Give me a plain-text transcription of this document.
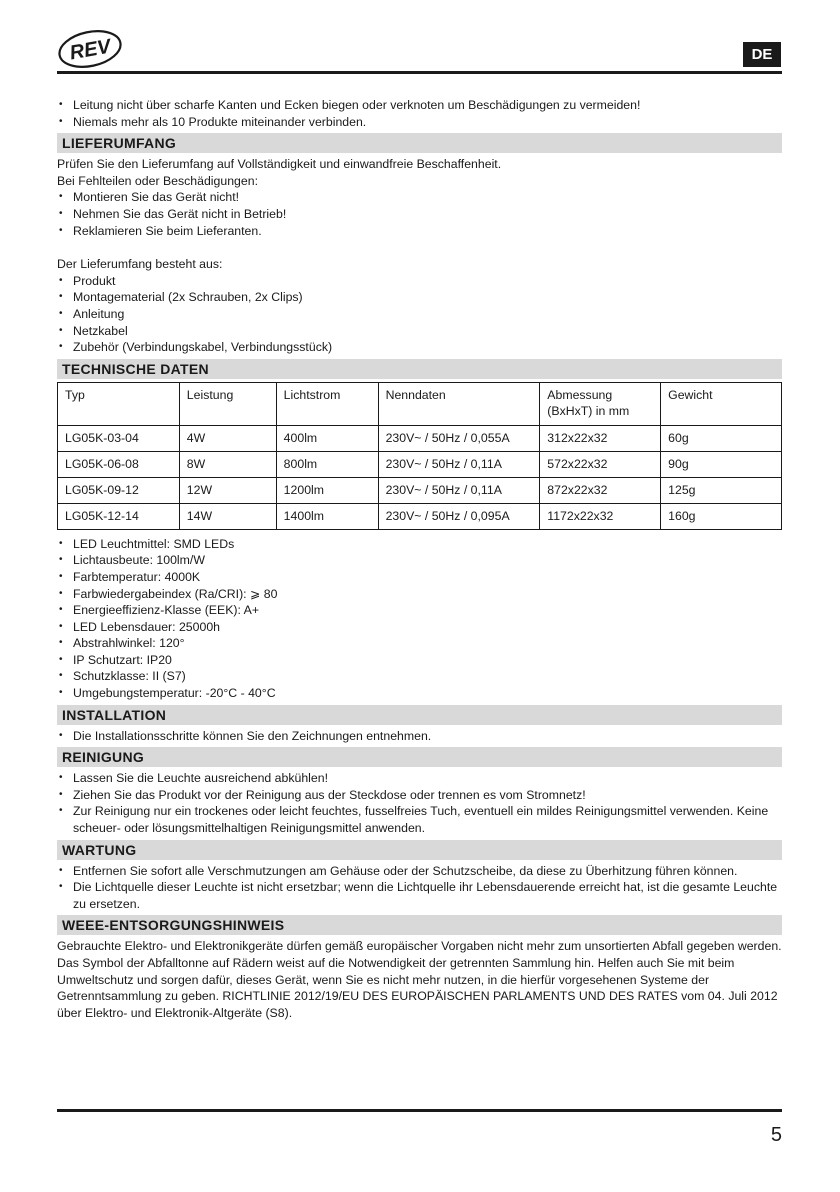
REV	DE
• Leitung nicht über scharfe Kanten und Ecken biegen oder verknoten um Beschädigungen zu vermeiden!
• Niemals mehr als 10 Produkte miteinander verbinden.
LIEFERUMFANG

Prüfen Sie den Lieferumfang auf Vollständigkeit und einwandfreie Beschaffenheit.

Bei Fehlteilen oder Beschädigungen:

• Montieren Sie das Gerät nicht!
• Nehmen Sie das Gerät nicht in Betrieb!
• Reklamieren Sie beim Lieferanten.

Der Lieferumfang besteht aus:

• Produkt
• Montagematerial (2x Schrauben, 2x Clips)
• Anleitung
• Netzkabel
• Zubehör (Verbindungskabel, Verbindungsstück)
TECHNISCHE DATEN
Typ	Leistung	Lichtstrom	Nenndaten	Abmessung (BxHxT) in mm	Gewicht
LG05K-03-04	4W	400lm	230V~ / 50Hz / 0,055A	312x22x32	60g
LG05K-06-08	8W	800lm	230V~ / 50Hz / 0,11A	572x22x32	90g
LG05K-09-12	12W	1200lm	230V~ / 50Hz / 0,11A	872x22x32	125g
LG05K-12-14	14W	1400lm	230V~ / 50Hz / 0,095A	1172x22x32	160g
• LED Leuchtmittel: SMD LEDs
• Lichtausbeute: 100lm/W
• Farbtemperatur: 4000K
• Farbwiedergabeindex (Ra/CRI): ⩾ 80
• Energieeffizienz-Klasse (EEK): A+
• LED Lebensdauer: 25000h
• Abstrahlwinkel: 120°
• IP Schutzart: IP20
• Schutzklasse: II (S7)
• Umgebungstemperatur: -20°C - 40°C
INSTALLATION
• Die Installationsschritte können Sie den Zeichnungen entnehmen.
REINIGUNG
• Lassen Sie die Leuchte ausreichend abkühlen!
• Ziehen Sie das Produkt vor der Reinigung aus der Steckdose oder trennen es vom Stromnetz!
• Zur Reinigung nur ein trockenes oder leicht feuchtes, fusselfreies Tuch, eventuell ein mildes Reinigungsmittel verwenden. Keine scheuer- oder lösungsmittelhaltigen Reinigungsmittel anwenden.
WARTUNG
• Entfernen Sie sofort alle Verschmutzungen am Gehäuse oder der Schutzscheibe, da diese zu Überhitzung führen können.
• Die Lichtquelle dieser Leuchte ist nicht ersetzbar; wenn die Lichtquelle ihr Lebensdauerende erreicht hat, ist die gesamte Leuchte zu ersetzen.
WEEE-ENTSORGUNGSHINWEIS

Gebrauchte Elektro- und Elektronikgeräte dürfen gemäß europäischer Vorgaben nicht mehr zum unsortierten Abfall gegeben werden. Das Symbol der Abfalltonne auf Rädern weist auf die Notwendigkeit der getrennten Sammlung hin. Helfen auch Sie mit beim Umweltschutz und sorgen dafür, dieses Gerät, wenn Sie es nicht mehr nutzen, in die hierfür vorgesehenen Systeme der Getrenntsammlung zu geben. RICHTLINIE 2012/19/EU DES EUROPÄISCHEN PARLAMENTS UND DES RATES vom 04. Juli 2012 über Elektro- und Elektronik-Altgeräte (S8).

5
